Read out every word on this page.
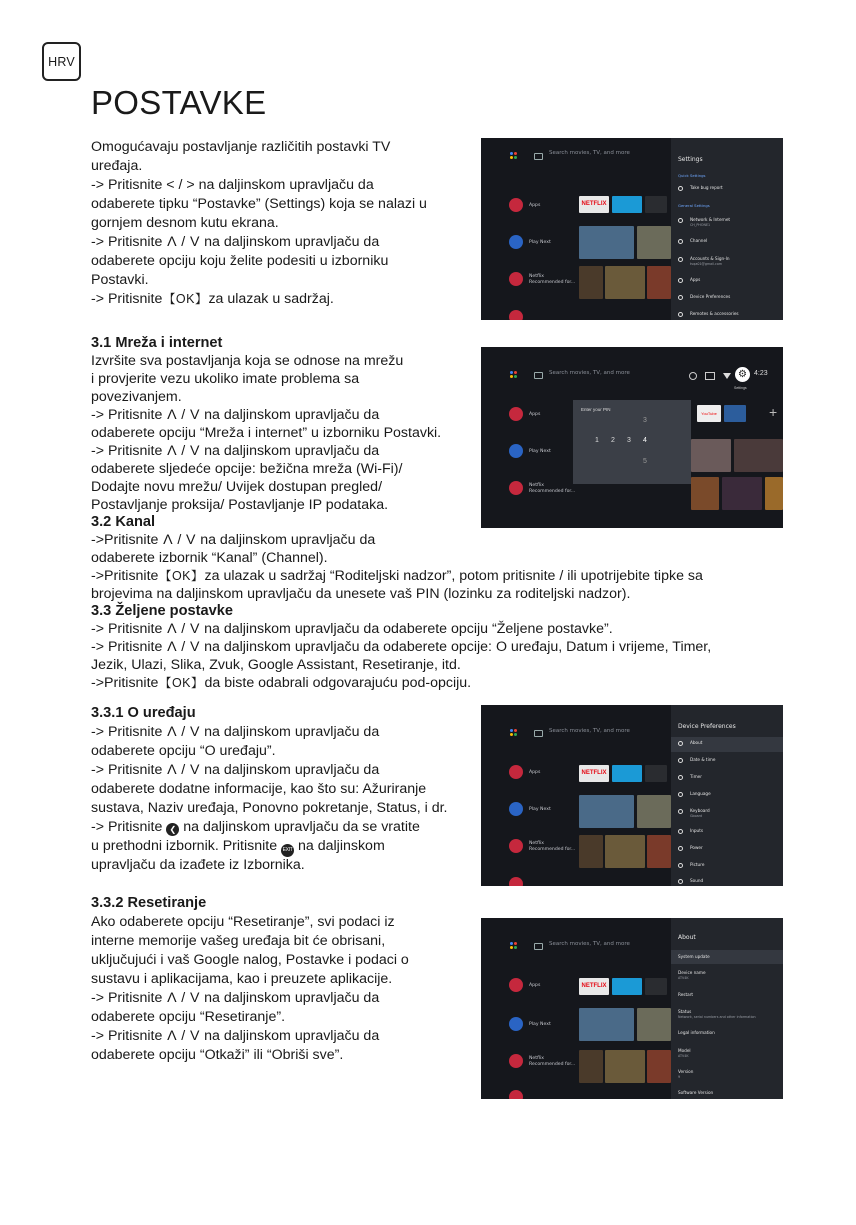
HRV
POSTAVKE

Omogućavaju postavljanje različitih postavki TV

uređaja.

-> Pritisnite < / > na daljinskom upravljaču da

odaberete tipku “Postavke” (Settings) koja se nalazi u

gornjem desnom kutu ekrana.

-> Pritisnite Λ / V na daljinskom upravljaču da

odaberete opciju koju želite podesiti u izborniku

Postavki.

-> Pritisnite 【 OK 】 za ulazak u sadržaj.

3.1 Mreža i internet

Izvršite sva postavljanja koja se odnose na mrežu

i provjerite vezu ukoliko imate problema sa

povezivanjem.

-> Pritisnite Λ / V na daljinskom upravljaču da

odaberete opciju “Mreža i internet” u izborniku Postavki.

-> Pritisnite Λ / V na daljinskom upravljaču da

odaberete sljedeće opcije: bežična mreža (Wi-Fi)/

Dodajte novu mrežu/ Uvijek dostupan pregled/

Postavljanje proksija/ Postavljanje IP podataka.

3.2 Kanal

->Pritisnite Λ / V na daljinskom upravljaču da

odaberete izbornik “Kanal” (Channel).

->Pritisnite 【 OK 】 za ulazak u sadržaj “Roditeljski nadzor”, potom pritisnite / ili upotrijebite tipke sa

brojevima na daljinskom upravljaču da unesete vaš PIN (lozinku za roditeljski nadzor).

3.3 Željene postavke

-> Pritisnite Λ / V na daljinskom upravljaču da odaberete opciju “Željene postavke”.

-> Pritisnite Λ / V na daljinskom upravljaču da odaberete opcije: O uređaju, Datum i vrijeme, Timer,

Jezik, Ulazi, Slika, Zvuk, Google Assistant, Resetiranje, itd.

->Pritisnite 【 OK 】 da biste odabrali odgovarajuću pod-opciju.

3.3.1 O uređaju

-> Pritisnite Λ / V na daljinskom upravljaču da

odaberete opciju “O uređaju”.

-> Pritisnite Λ / V na daljinskom upravljaču da

odaberete dodatne informacije, kao što su: Ažuriranje

sustava, Naziv uređaja, Ponovno pokretanje, Status, i dr.

-> Pritisnite ❮ na daljinskom upravljaču da se vratite

u prethodni izbornik. Pritisnite EXIT na daljinskom

upravljaču da izađete iz Izbornika.

3.3.2 Resetiranje

Ako odaberete opciju “Resetiranje”, svi podaci iz

interne memorije vašeg uređaja bit će obrisani,

uključujući i vaš Google nalog, Postavke i podaci o

sustavu i aplikacijama, kao i preuzete aplikacije.

-> Pritisnite Λ / V na daljinskom upravljaču da

odaberete opciju “Resetiranje”.

-> Pritisnite Λ / V na daljinskom upravljaču da

odaberete opciju “Otkaži” ili “Obriši sve”.

Search movies, TV, and more
Apps	NETFLIX
Play Next
Netflix
Recommended for...
Settings
Quick Settings
Take bug report
General Settings
Network & Internet
CH_PHONE1
Channel
Accounts & Sign-In
tvqa01@gmail.com
Apps
Device Preferences
Remotes & accessories
Search movies, TV, and more	⚙	4:23
Settings
Apps
Play Next
Netflix
Recommended for...
YouTube	+
Enter your PIN
3
1 2 3 4
5
Search movies, TV, and more
Apps	NETFLIX
Play Next
Netflix
Recommended for...
Device Preferences
About
Date & time
Timer
Language
Keyboard
Gboard
Inputs
Power
Picture
Sound
Search movies, TV, and more
Apps	NETFLIX
Play Next
Netflix
Recommended for...
About
System update
Device name
ATV4K
Restart
Status
Network, serial numbers and other information
Legal information
Model
ATV4K
Version
9
Software Version
